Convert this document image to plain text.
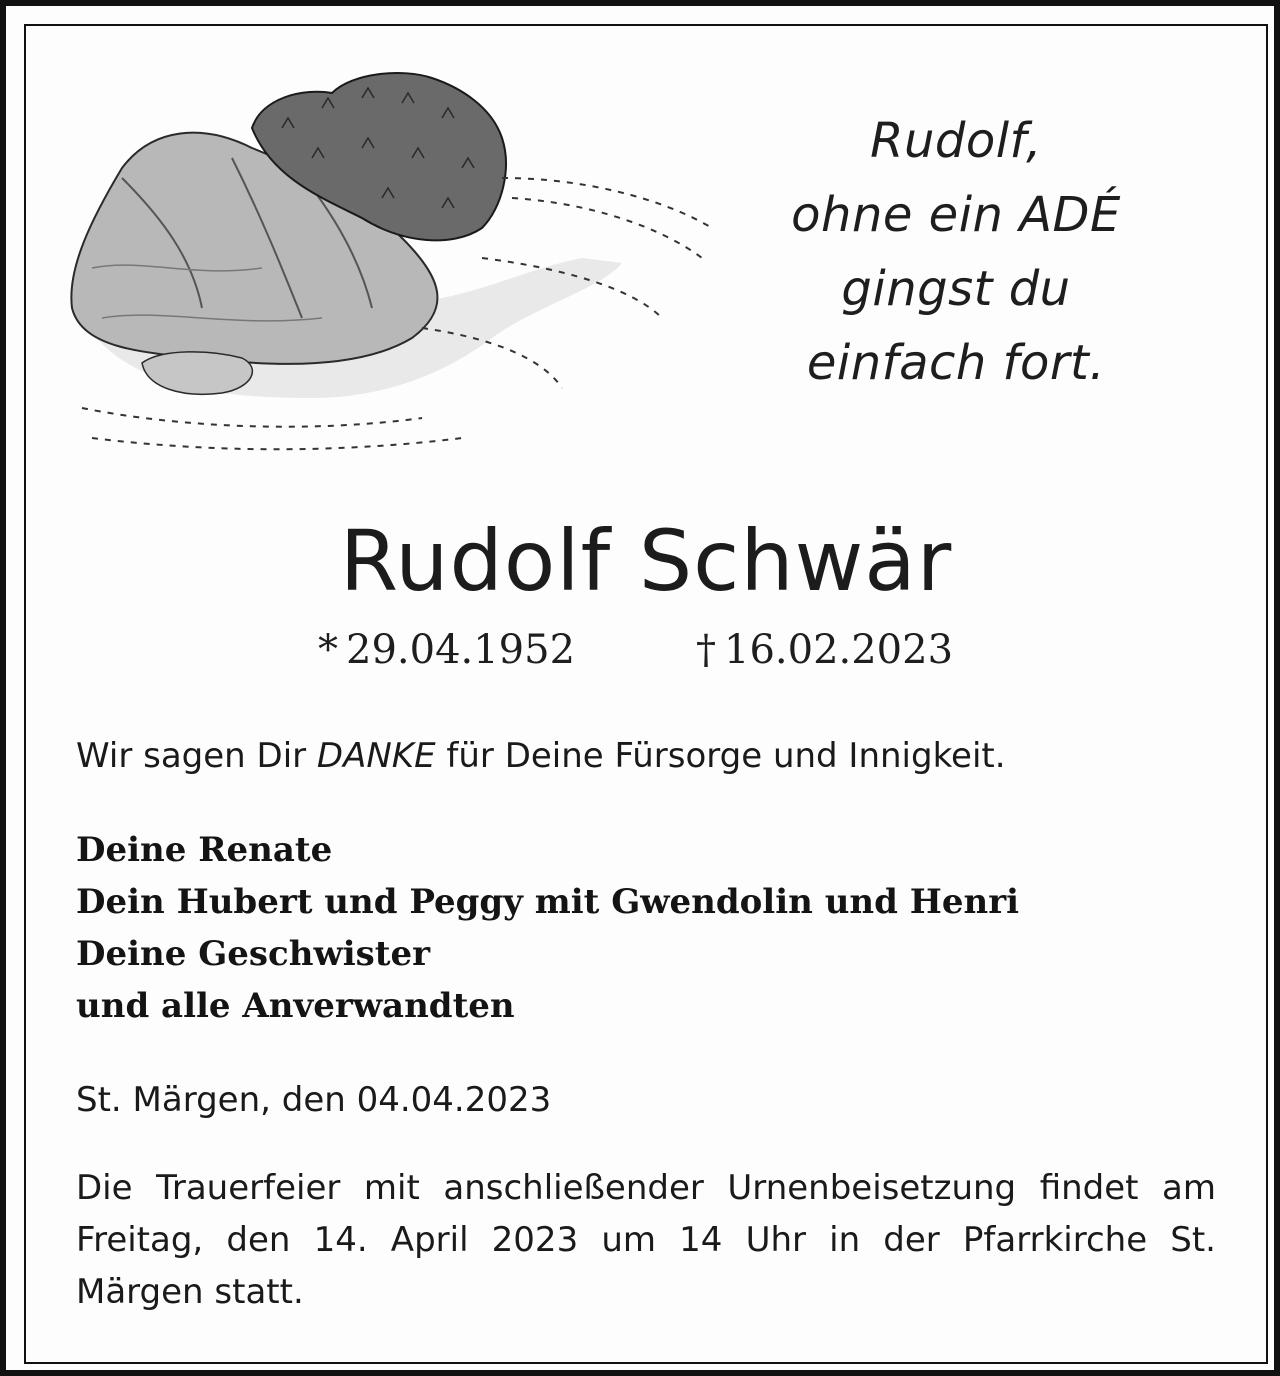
Rudolf,
ohne ein ADÉ
gingst du
einfach fort.
Rudolf Schwär
* 29.04.1952	† 16.02.2023
Wir sagen Dir DANKE für Deine Fürsorge und Innigkeit.
Deine Renate
Dein Hubert und Peggy mit Gwendolin und Henri
Deine Geschwister
und alle Anverwandten
St. Märgen, den 04.04.2023
Die Trauerfeier mit anschließender Urnenbeisetzung findet am Freitag, den 14. April 2023 um 14 Uhr in der Pfarrkirche St. Märgen statt.
